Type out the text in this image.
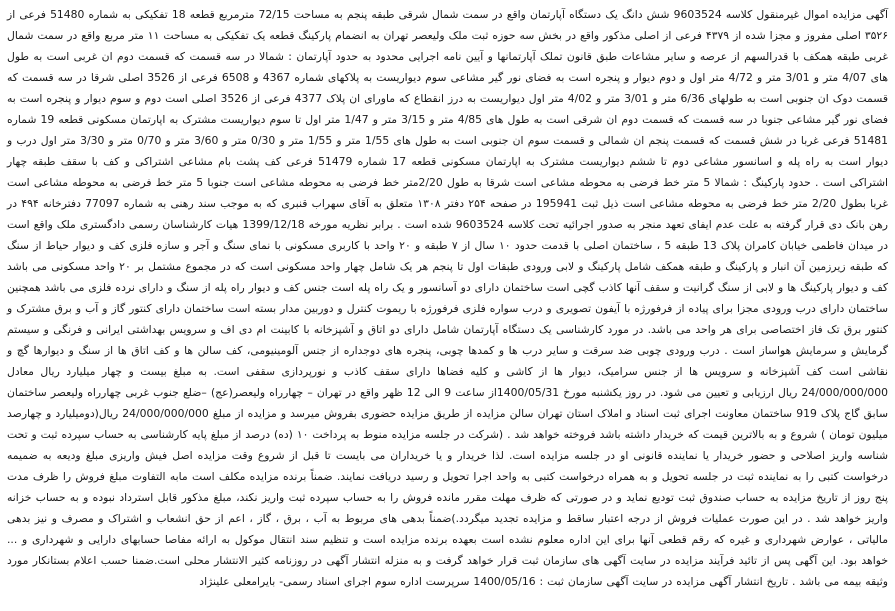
آگهی مزایده اموال غیرمنقول کلاسه 9603524 شش دانگ یک دستگاه آپارتمان واقع در سمت شمال شرقی طبقه پنجم به مساحت 72/15 مترمربع قطعه 18 تفکیکی به شماره 51480 فرعی از ۳۵۲۶ اصلی مفروز و مجزا شده از ۴۳۷۹ فرعی از اصلی مذکور واقع در بخش سه حوزه ثبت ملک ولیعصر تهران به انضمام پارکینگ قطعه یک تفکیکی به مساحت ۱۱ متر مربع واقع در سمت شمال غربی طبقه همکف با قدرالسهم از عرصه و سایر مشاعات طبق قانون تملک آپارتمانها و آیین نامه اجرایی محدود به حدود آپارتمان : شمالا در سه قسمت که قسمت دوم ان غربی است به طول های 4/07 متر و 3/01 متر و 4/72 متر اول و دوم دیوار و پنجره است به فضای نور گیر مشاعی سوم دیواریست به پلاکهای شماره 4367 و 6508 فرعی از 3526 اصلی شرقا در سه قسمت که قسمت دوک ان جنوبی است به طولهای 6/36 متر و 3/01 متر و 4/02 متر اول دیواریست به درز انقطاع که ماورای ان پلاک 4377 فرعی از 3526 اصلی است دوم و سوم دیوار و پنجره است به فضای نور گیر مشاعی جنوبا در سه قسمت که قسمت دوم ان شرقی است به طول های 4/85 متر و 3/15 متر و 1/47 متر اول تا سوم دیواریست مشترک به اپارتمان مسکونی قطعه 19 شماره 51481 فرعی غربا در شش قسمت که قسمت پنجم ان شمالی و قسمت سوم ان جنوبی است به طول های 1/55 متر و 1/55 متر و 0/30 متر و 3/60 متر و 0/70 متر و 3/30 متر اول درب و دیوار است به راه پله و اسانسور مشاعی دوم تا ششم دیواریست مشترک به اپارتمان مسکونی قطعه 17 شماره 51479 فرعی کف پشت بام مشاعی اشتراکی و کف با سقف طبقه چهار اشتراکی است . حدود پارکینگ : شمالا 5 متر خط فرضی به محوطه مشاعی است شرقا به طول 2/20متر خط فرضی به محوطه مشاعی است جنوبا 5 متر خط فرضی به محوطه مشاعی است غربا بطول 2/20 متر خط فرضی به محوطه مشاعی است ذیل ثبت 195941 در صفحه ۲۵۴ دفتر ۱۳۰۸ متعلق به آقای سهراب قنبری که به موجب سند رهنی به شماره 77097 دفترخانه ۴۹۴ در رهن بانک دی قرار گرفته به علت عدم ایفای تعهد منجر به صدور اجرائیه تحت کلاسه 9603524 شده است . برابر نظریه مورخه 1399/12/18 هیات کارشناسان رسمی دادگستری ملک واقع است در میدان فاطمی خیابان کامران پلاک 13 طبقه 5 ، ساختمان اصلی با قدمت حدود ۱۰ سال از ۷ طبقه و ۲۰ واحد با کاربری مسکونی با نمای سنگ و آجر و سازه فلزی کف و دیوار حیاط از سنگ که طبقه زیرزمین آن انبار و پارکینگ و طبقه همکف شامل پارکینگ و لابی ورودی طبقات اول تا پنجم هر یک شامل چهار واحد مسکونی است که در مجموع مشتمل بر ۲۰ واحد مسکونی می باشد کف و دیوار پارکینگ ها و لابی از سنگ گرانیت و سقف آنها کاذب گچی است ساختمان دارای دو آسانسور و یک راه پله است جنس کف و دیوار راه پله از سنگ و دارای نرده فلزی می باشد همچنین ساختمان دارای درب ورودی مجزا برای پیاده از فرفورژه با آیفون تصویری و درب سواره فلزی فرفورژه با ریموت کنترل و دوربین مدار بسته است ساختمان دارای کنتور گاز و آب و برق مشترک و کنتور برق تک فاز اختصاصی برای هر واحد می باشد. در مورد کارشناسی یک دستگاه آپارتمان شامل دارای دو اتاق و آشپزخانه با کابینت ام دی اف و سرویس بهداشتی ایرانی و فرنگی و سیستم گرمایش و سرمایش هواساز است . درب ورودی چوبی ضد سرقت و سایر درب ها و کمدها چوبی، پنجره های دوجداره از جنس آلومینیومی، کف سالن ها و کف اتاق ها از سنگ و دیوارها گچ و نقاشی است کف آشپزخانه و سرویس ها از جنس سرامیک، دیوار ها از کاشی و کلیه فضاها دارای سقف کاذب و نورپردازی سقفی است. به مبلغ بیست و چهار میلیارد ریال معادل 24/000/000/000 ریال ارزیابی و تعیین می شود. در روز یکشنبه مورخ 1400/05/31از ساعت 9 الی 12 ظهر واقع در تهران – چهارراه ولیعصر(عج) –ضلع جنوب غربی چهارراه ولیعصر ساختمان سابق گاج پلاک 919 ساختمان معاونت اجرای ثبت اسناد و املاک استان تهران سالن مزایده از طریق مزایده حضوری بفروش میرسد و مزایده از مبلغ 24/000/000/000 ریال(دومیلیارد و چهارصد میلیون تومان ) شروع و به بالاترین قیمت که خریدار داشته باشد فروخته خواهد شد . (شرکت در جلسه مزایده منوط به پرداخت ۱۰ (ده) درصد از مبلغ پایه کارشناسی به حساب سپرده ثبت و تحت شناسه واریز اصلاحی و حضور خریدار یا نماینده قانونی او در جلسه مزایده است. لذا خریدار و یا خریداران می بایست تا قبل از شروع وقت مزایده اصل فیش واریزی مبلغ ودیعه به ضمیمه درخواست کتبی را به نماینده ثبت در جلسه تحویل و به همراه درخواست کتبی به واحد اجرا تحویل و رسید دریافت نمایند. ضمناً برنده مزایده مکلف است مابه التفاوت مبلغ فروش را ظرف مدت پنج روز از تاریخ مزایده به حساب صندوق ثبت تودیع نماید و در صورتی که ظرف مهلت مقرر مانده فروش را به حساب سپرده ثبت واریز نکند، مبلغ مذکور قابل استرداد نبوده و به حساب خزانه واریز خواهد شد . در این صورت عملیات فروش از درجه اعتبار ساقط و مزایده تجدید میگردد.)ضمناً بدهی های مربوط به آب ، برق ، گاز ، اعم از حق انشعاب و اشتراک و مصرف و نیز بدهی مالیاتی ، عوارض شهرداری و غیره که رقم قطعی آنها برای این اداره معلوم نشده است بعهده برنده مزایده است و تنظیم سند انتقال موکول به ارائه مفاصا حسابهای دارایی و شهرداری و ... خواهد بود. این آگهی پس از تائید فرآیند مزایده در سایت آگهی های سازمان ثبت قرار خواهد گرفت و به منزله انتشار آگهی در روزنامه کثیر الانتشار محلی است.ضمنا حسب اعلام بستانکار مورد وثیقه بیمه می باشد . تاریخ انتشار آگهی مزایده در سایت آگهی سازمان ثبت : 1400/05/16 سرپرست اداره سوم اجرای اسناد رسمی- بایرامعلی علینژاد
